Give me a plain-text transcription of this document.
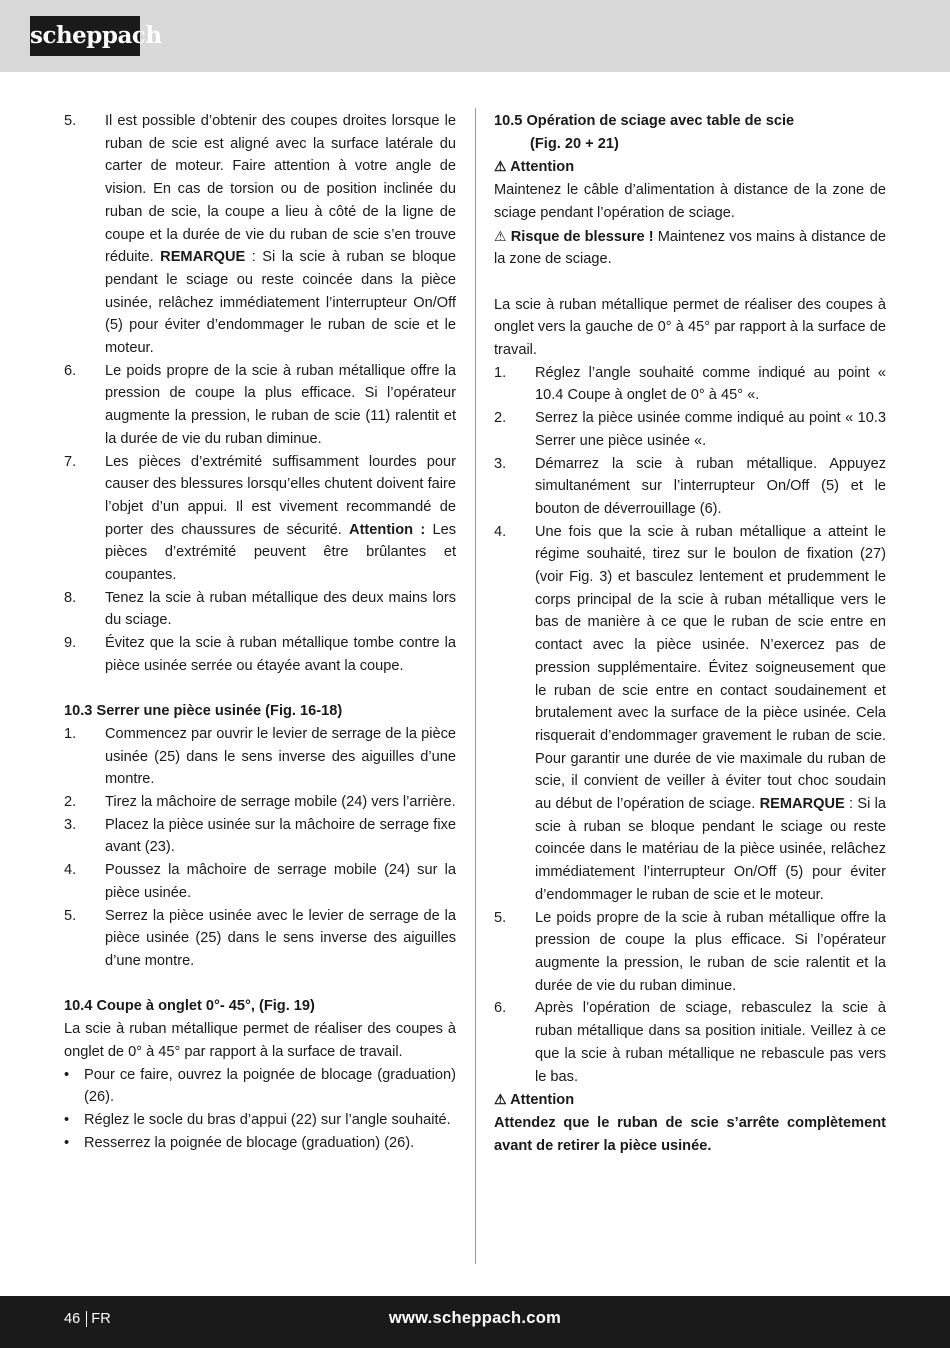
scheppach
5.	Il est possible d’obtenir des coupes droites lorsque le ruban de scie est aligné avec la surface latérale du carter de moteur. Faire attention à votre angle de vision. En cas de torsion ou de position inclinée du ruban de scie, la coupe a lieu à côté de la ligne de coupe et la durée de vie du ruban de scie s’en trouve réduite. REMARQUE : Si la scie à ruban se bloque pendant le sciage ou reste coincée dans la pièce usinée, relâchez immédiatement l’interrupteur On/Off (5) pour éviter d’endommager le ruban de scie et le moteur.
6.	Le poids propre de la scie à ruban métallique offre la pression de coupe la plus efficace. Si l’opérateur augmente la pression, le ruban de scie (11) ralentit et la durée de vie du ruban diminue.
7.	Les pièces d’extrémité suffisamment lourdes pour causer des blessures lorsqu’elles chutent doivent faire l’objet d’un appui. Il est vivement recommandé de porter des chaussures de sécurité. Attention : Les pièces d’extrémité peuvent être brûlantes et coupantes.
8.	Tenez la scie à ruban métallique des deux mains lors du sciage.
9.	Évitez que la scie à ruban métallique tombe contre la pièce usinée serrée ou étayée avant la coupe.

10.3 Serrer une pièce usinée (Fig. 16-18)

1.	Commencez par ouvrir le levier de serrage de la pièce usinée (25) dans le sens inverse des aiguilles d’une montre.
2.	Tirez la mâchoire de serrage mobile (24) vers l’arrière.
3.	Placez la pièce usinée sur la mâchoire de serrage fixe avant (23).
4.	Poussez la mâchoire de serrage mobile (24) sur la pièce usinée.
5.	Serrez la pièce usinée avec le levier de serrage de la pièce usinée (25) dans le sens inverse des aiguilles d’une montre.

10.4 Coupe à onglet 0°- 45°, (Fig. 19)

La scie à ruban métallique permet de réaliser des coupes à onglet de 0° à 45° par rapport à la surface de travail.

•	Pour ce faire, ouvrez la poignée de blocage (graduation) (26).
•	Réglez le socle du bras d’appui (22) sur l’angle souhaité.
•	Resserrez la poignée de blocage (graduation) (26).

10.5 Opération de sciage avec table de scie

(Fig. 20 + 21)

⚠ Attention

Maintenez le câble d’alimentation à distance de la zone de sciage pendant l’opération de sciage.

⚠ Risque de blessure ! Maintenez vos mains à distance de la zone de sciage.

La scie à ruban métallique permet de réaliser des coupes à onglet vers la gauche de 0° à 45° par rapport à la surface de travail.

1.	Réglez l’angle souhaité comme indiqué au point « 10.4 Coupe à onglet de 0° à 45° «.
2.	Serrez la pièce usinée comme indiqué au point « 10.3 Serrer une pièce usinée «.
3.	Démarrez la scie à ruban métallique. Appuyez simultanément sur l’interrupteur On/Off (5) et le bouton de déverrouillage (6).
4.	Une fois que la scie à ruban métallique a atteint le régime souhaité, tirez sur le boulon de fixation (27) (voir Fig. 3) et basculez lentement et prudemment le corps principal de la scie à ruban métallique vers le bas de manière à ce que le ruban de scie entre en contact avec la pièce usinée. N’exercez pas de pression supplémentaire. Évitez soigneusement que le ruban de scie entre en contact soudainement et brutalement avec la surface de la pièce usinée. Cela risquerait d’endommager gravement le ruban de scie. Pour garantir une durée de vie maximale du ruban de scie, il convient de veiller à éviter tout choc soudain au début de l’opération de sciage. REMARQUE : Si la scie à ruban se bloque pendant le sciage ou reste coincée dans le matériau de la pièce usinée, relâchez immédiatement l’interrupteur On/Off (5) pour éviter d’endommager le ruban de scie et le moteur.
5.	Le poids propre de la scie à ruban métallique offre la pression de coupe la plus efficace. Si l’opérateur augmente la pression, le ruban de scie ralentit et la durée de vie du ruban diminue.
6.	Après l’opération de sciage, rebasculez la scie à ruban métallique dans sa position initiale. Veillez à ce que la scie à ruban métallique ne rebascule pas vers le bas.

⚠ Attention

Attendez que le ruban de scie s’arrête complètement avant de retirer la pièce usinée.

46 FR	www.scheppach.com
